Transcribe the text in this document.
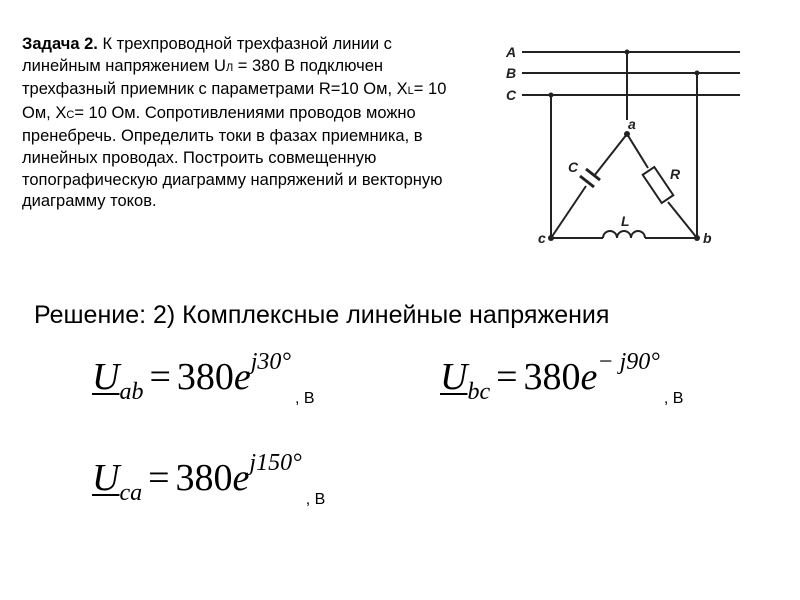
Задача 2. К трехпроводной трехфазной линии с линейным напряжением UЛ = 380 В подключен трехфазный приемник с параметрами R=10 Ом, XL= 10 Ом, XC= 10 Ом. Сопротивлениями проводов можно пренебречь. Определить токи в фазах приемника, в линейных проводах. Построить совмещенную топографическую диаграмму напряжений и векторную диаграмму токов.
A
B
C
a
b
c
C	R
L
Решение: 2) Комплексные линейные напряжения
Uab = 380ej30°, В
Ubc = 380e− j90°, В
Uca = 380ej150°, В
